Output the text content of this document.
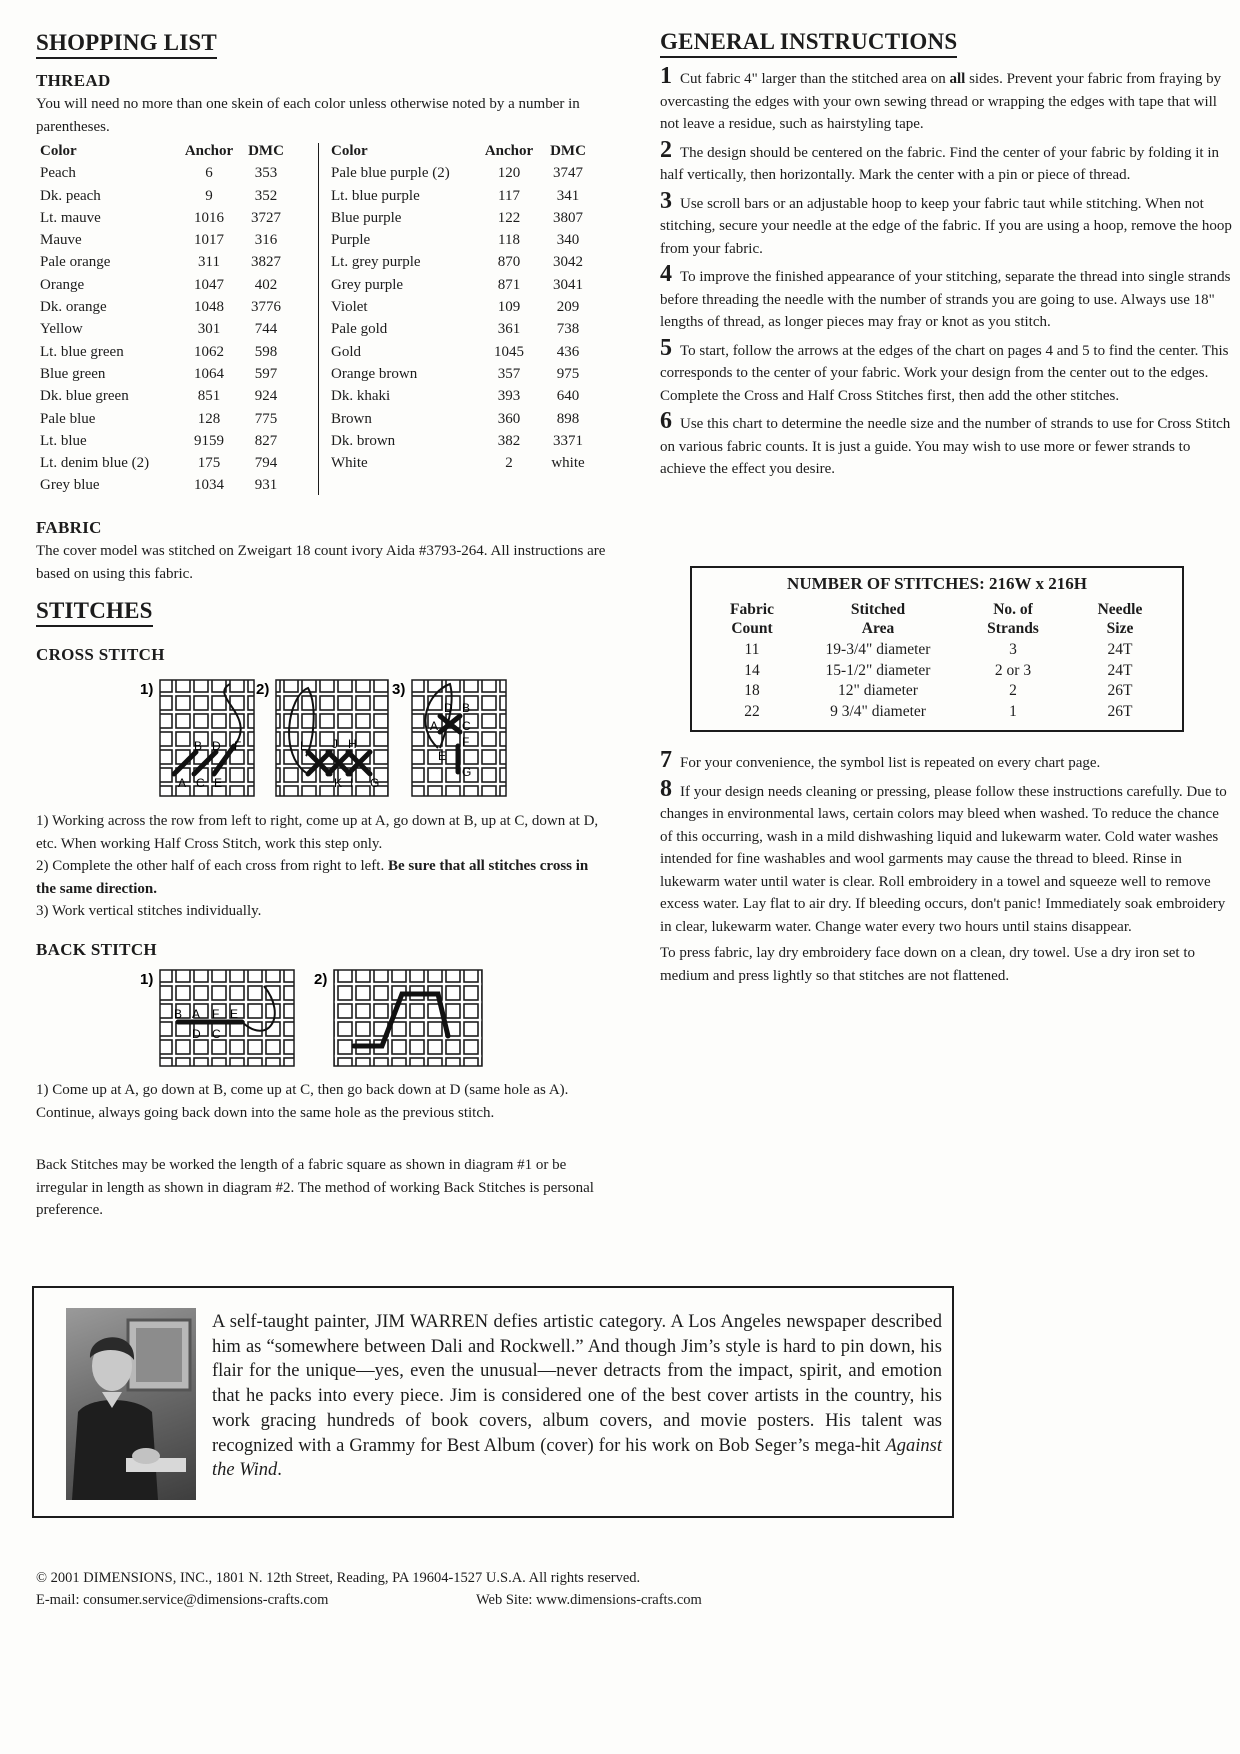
SHOPPING LIST
THREAD

You will need no more than one skein of each color unless otherwise noted by a number in parentheses.

Color	Anchor DMC
Peach	6	353
Dk. peach	9	352
Lt. mauve	1016	3727
Mauve	1017	316
Pale orange	311	3827
Orange	1047	402
Dk. orange	1048	3776
Yellow	301	744
Lt. blue green	1062	598
Blue green	1064	597
Dk. blue green	851	924
Pale blue	128	775
Lt. blue	9159	827
Lt. denim blue (2)	175	794
Grey blue	1034	931
Color	Anchor	DMC
Pale blue purple (2)	120	3747
Lt. blue purple	117	341
Blue purple	122	3807
Purple	118	340
Lt. grey purple	870	3042
Grey purple	871	3041
Violet	109	209
Pale gold	361	738
Gold	1045	436
Orange brown	357	975
Dk. khaki	393	640
Brown	360	898
Dk. brown	382	3371
White	2	white
FABRIC

The cover model was stitched on Zweigart 18 count ivory Aida #3793-264. All instructions are based on using this fabric.

STITCHES
CROSS STITCH
1)
A C E
B D F
2)
L J H
K I G
3)
D B
A C
F
E
G

1) Working across the row from left to right, come up at A, go down at B, up at C, down at D, etc. When working Half Cross Stitch, work this step only.

2) Complete the other half of each cross from right to left. Be sure that all stitches cross in the same direction.

3) Work vertical stitches individually.

BACK STITCH
1)
B A F E
D C
2)

1) Come up at A, go down at B, come up at C, then go back down at D (same hole as A). Continue, always going back down into the same hole as the previous stitch.

Back Stitches may be worked the length of a fabric square as shown in diagram #1 or be irregular in length as shown in diagram #2. The method of working Back Stitches is personal preference.

GENERAL INSTRUCTIONS

1 Cut fabric 4" larger than the stitched area on all sides. Prevent your fabric from fraying by overcasting the edges with your own sewing thread or wrapping the edges with tape that will not leave a residue, such as hairstyling tape.

2 The design should be centered on the fabric. Find the center of your fabric by folding it in half vertically, then horizontally. Mark the center with a pin or piece of thread.

3 Use scroll bars or an adjustable hoop to keep your fabric taut while stitching. When not stitching, secure your needle at the edge of the fabric. If you are using a hoop, remove the hoop from your fabric.

4 To improve the finished appearance of your stitching, separate the thread into single strands before threading the needle with the number of strands you are going to use. Always use 18" lengths of thread, as longer pieces may fray or knot as you stitch.

5 To start, follow the arrows at the edges of the chart on pages 4 and 5 to find the center. This corresponds to the center of your fabric. Work your design from the center out to the edges. Complete the Cross and Half Cross Stitches first, then add the other stitches.

6 Use this chart to determine the needle size and the number of strands to use for Cross Stitch on various fabric counts. It is just a guide. You may wish to use more or fewer strands to achieve the effect you desire.

NUMBER OF STITCHES: 216W x 216H
Fabric	Stitched	No. of	Needle
Count	Area	Strands	Size
11	19-3/4" diameter	3	24T
14	15-1/2" diameter	2 or 3	24T
18	12" diameter	2	26T
22	9 3/4" diameter	1	26T

7 For your convenience, the symbol list is repeated on every chart page.

8 If your design needs cleaning or pressing, please follow these instructions carefully. Due to changes in environmental laws, certain colors may bleed when washed. To reduce the chance of this occurring, wash in a mild dishwashing liquid and lukewarm water. Cold water washes intended for fine washables and wool garments may cause the thread to bleed. Rinse in lukewarm water until water is clear. Roll embroidery in a towel and squeeze well to remove excess water. Lay flat to air dry. If bleeding occurs, don't panic! Immediately soak embroidery in clear, lukewarm water. Change water every two hours until stains disappear.

To press fabric, lay dry embroidery face down on a clean, dry towel. Use a dry iron set to medium and press lightly so that stitches are not flattened.

A self-taught painter, JIM WARREN defies artistic category. A Los Angeles newspaper described him as “somewhere between Dali and Rockwell.” And though Jim’s style is hard to pin down, his flair for the unique—yes, even the unusual—never detracts from the impact, spirit, and emotion that he packs into every piece. Jim is considered one of the best cover artists in the country, his work gracing hundreds of book covers, album covers, and movie posters. His talent was recognized with a Grammy for Best Album (cover) for his work on Bob Seger’s mega-hit Against the Wind.

© 2001 DIMENSIONS, INC., 1801 N. 12th Street, Reading, PA 19604-1527 U.S.A. All rights reserved.
E-mail: consumer.service@dimensions-crafts.com	Web Site: www.dimensions-crafts.com
